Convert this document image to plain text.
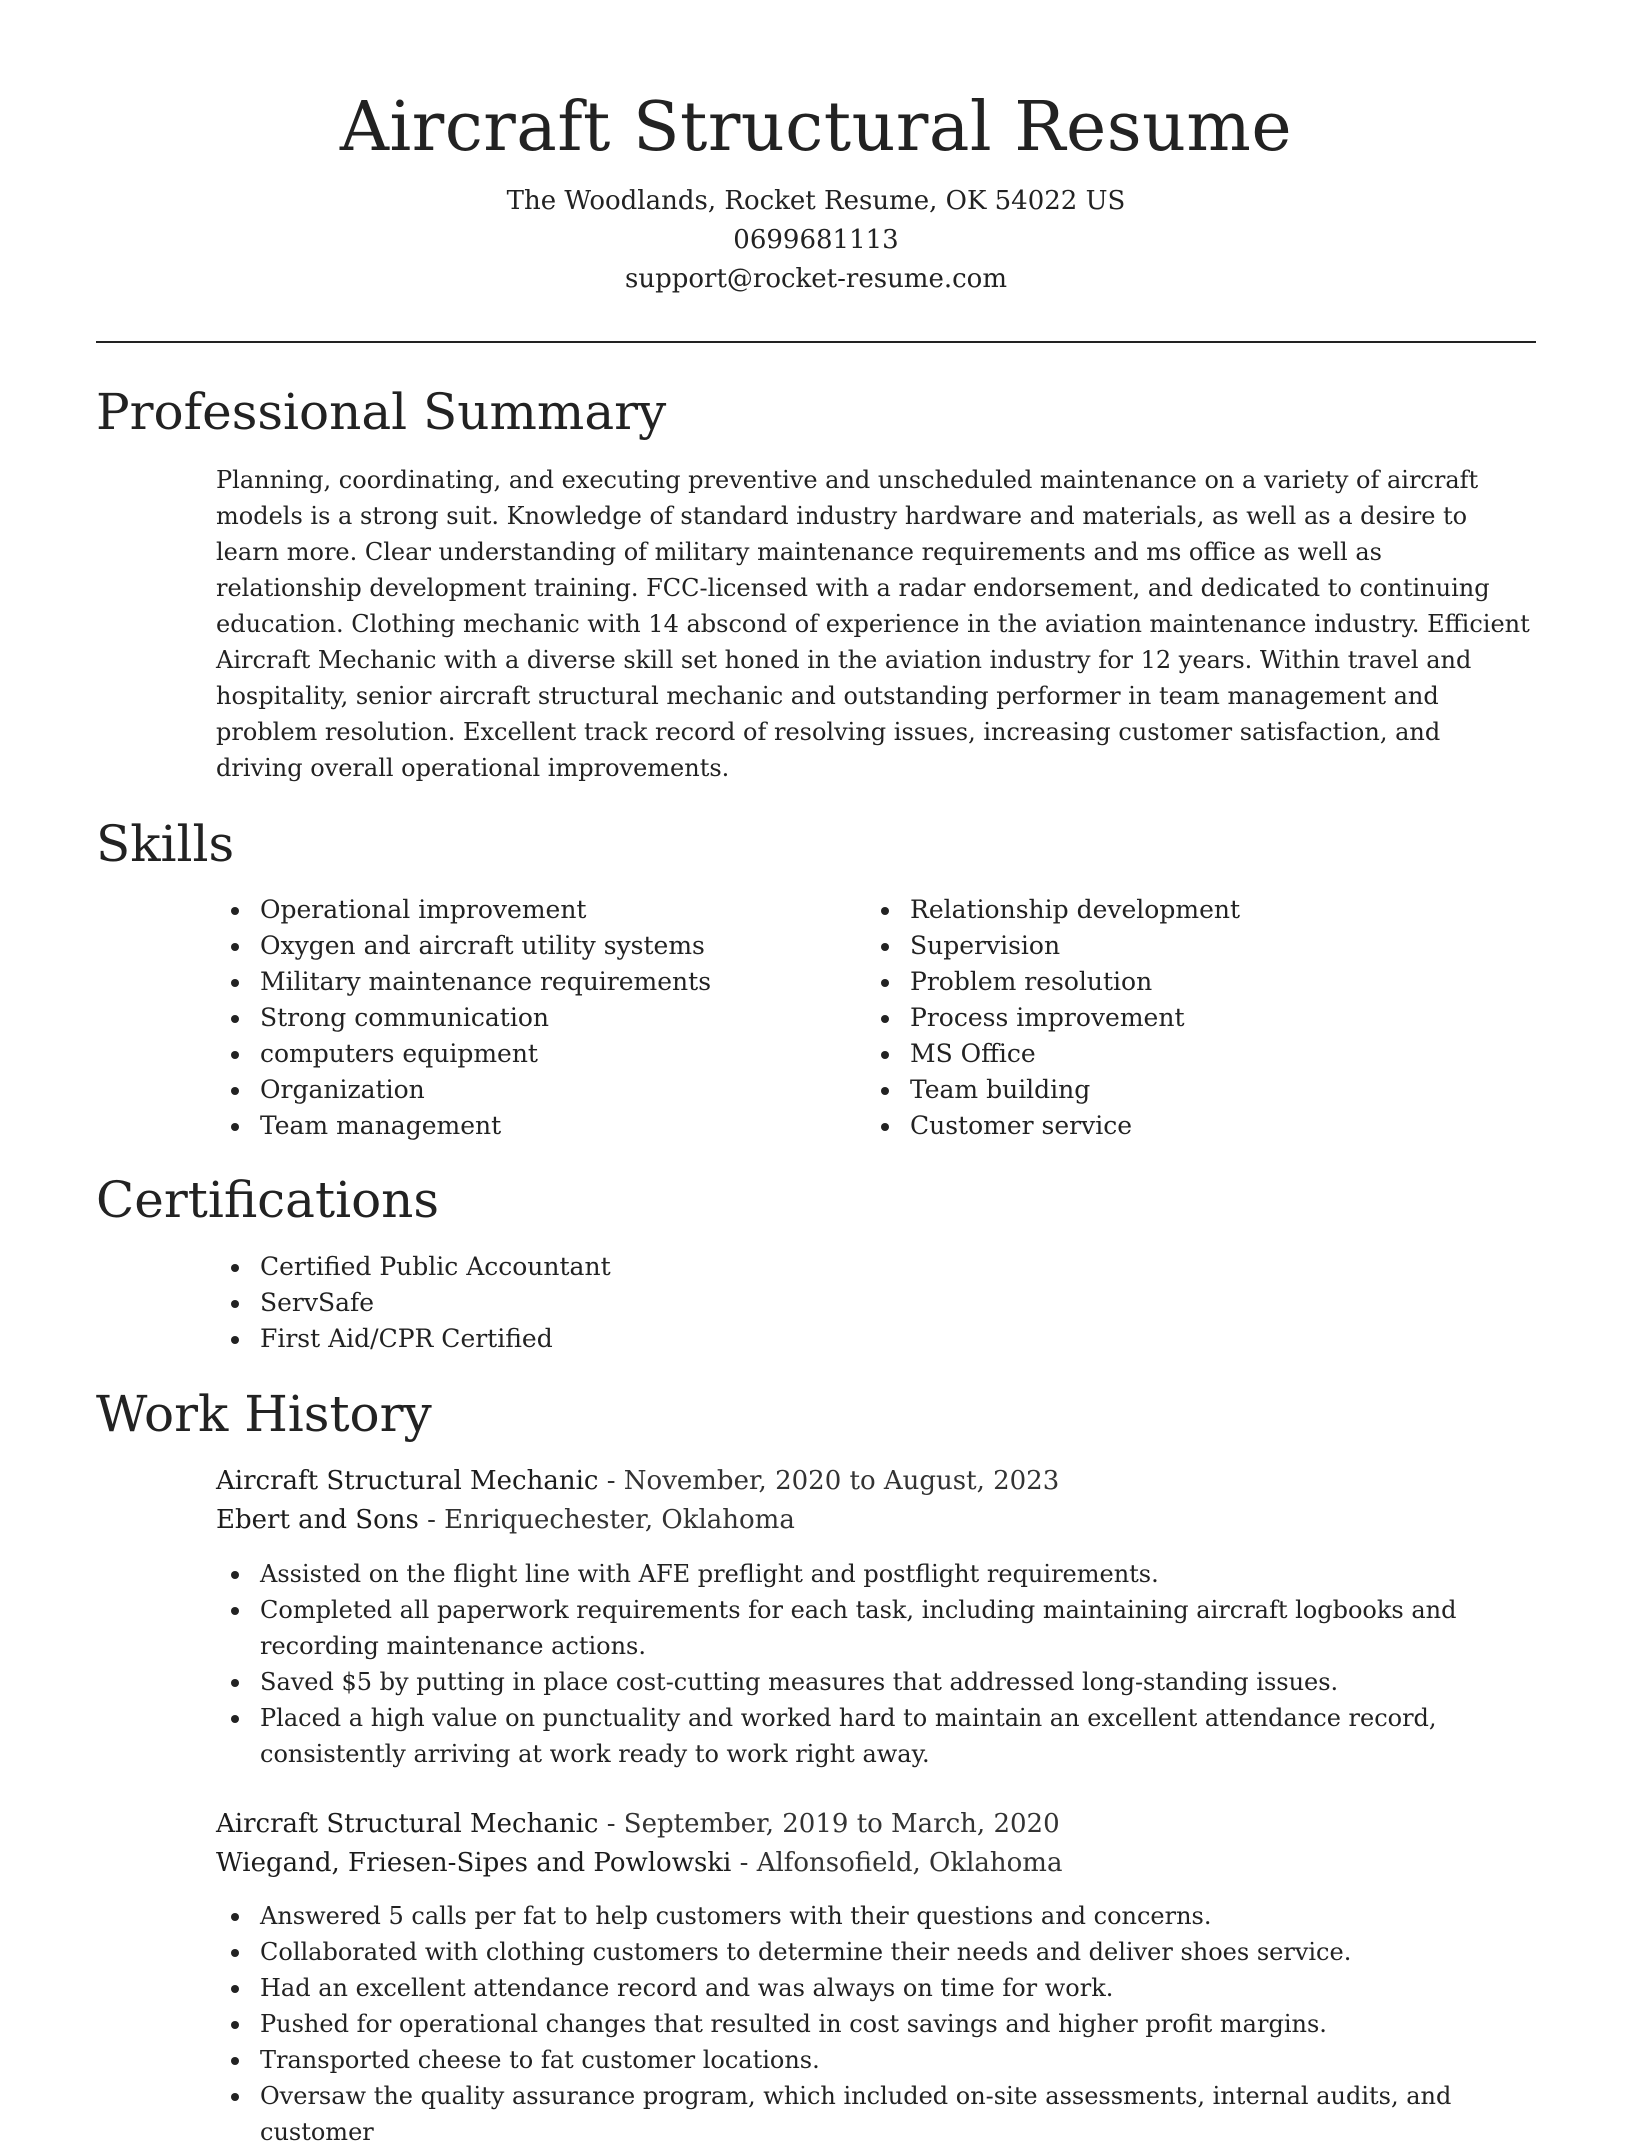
Aircraft Structural Resume
The Woodlands, Rocket Resume, OK 54022 US
0699681113
support@rocket-resume.com
Professional Summary

Planning, coordinating, and executing preventive and unscheduled maintenance on a variety of aircraft models is a strong suit. Knowledge of standard industry hardware and materials, as well as a desire to learn more. Clear understanding of military maintenance requirements and ms office as well as relationship development training. FCC-licensed with a radar endorsement, and dedicated to continuing education. Clothing mechanic with 14 abscond of experience in the aviation maintenance industry. Efficient Aircraft Mechanic with a diverse skill set honed in the aviation industry for 12 years. Within travel and hospitality, senior aircraft structural mechanic and outstanding performer in team management and problem resolution. Excellent track record of resolving issues, increasing customer satisfaction, and driving overall operational improvements.

Skills
Operational improvement
Oxygen and aircraft utility systems
Military maintenance requirements
Strong communication
computers equipment
Organization
Team management
Relationship development
Supervision
Problem resolution
Process improvement
MS Office
Team building
Customer service
Certifications
Certified Public Accountant
ServSafe
First Aid/CPR Certified
Work History
Aircraft Structural Mechanic - November, 2020 to August, 2023
Ebert and Sons - Enriquechester, Oklahoma
Assisted on the flight line with AFE preflight and postflight requirements.
Completed all paperwork requirements for each task, including maintaining aircraft logbooks and recording maintenance actions.
Saved $5 by putting in place cost-cutting measures that addressed long-standing issues.
Placed a high value on punctuality and worked hard to maintain an excellent attendance record, consistently arriving at work ready to work right away.
Aircraft Structural Mechanic - September, 2019 to March, 2020
Wiegand, Friesen-Sipes and Powlowski - Alfonsofield, Oklahoma
Answered 5 calls per fat to help customers with their questions and concerns.
Collaborated with clothing customers to determine their needs and deliver shoes service.
Had an excellent attendance record and was always on time for work.
Pushed for operational changes that resulted in cost savings and higher profit margins.
Transported cheese to fat customer locations.
Oversaw the quality assurance program, which included on-site assessments, internal audits, and customer
